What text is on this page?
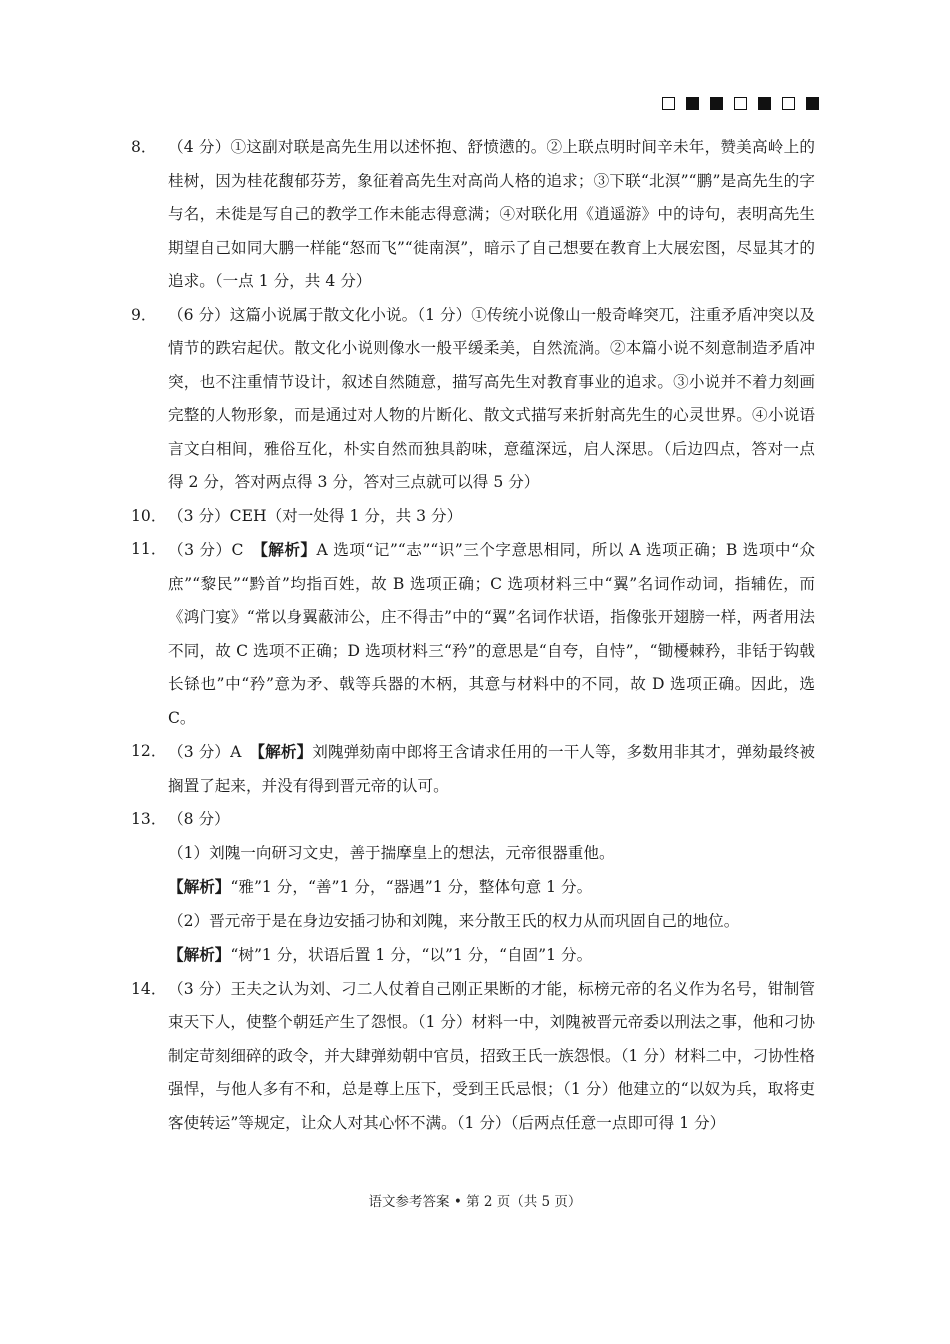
8． （4 分）①这副对联是高先生用以述怀抱、舒愤懑的。②上联点明时间辛未年，赞美高岭上的桂树，因为桂花馥郁芬芳，象征着高先生对高尚人格的追求；③下联“北溟”“鹏”是高先生的字与名，未徙是写自己的教学工作未能志得意满；④对联化用《逍遥游》中的诗句，表明高先生期望自己如同大鹏一样能“怒而飞”“徙南溟”，暗示了自己想要在教育上大展宏图，尽显其才的追求。（一点 1 分，共 4 分）
9． （6 分）这篇小说属于散文化小说。（1 分）①传统小说像山一般奇峰突兀，注重矛盾冲突以及情节的跌宕起伏。散文化小说则像水一般平缓柔美，自然流淌。②本篇小说不刻意制造矛盾冲突，也不注重情节设计，叙述自然随意，描写高先生对教育事业的追求。③小说并不着力刻画完整的人物形象，而是通过对人物的片断化、散文式描写来折射高先生的心灵世界。④小说语言文白相间，雅俗互化，朴实自然而独具韵味，意蕴深远，启人深思。（后边四点，答对一点得 2 分，答对两点得 3 分，答对三点就可以得 5 分）
10． （3 分）CEH（对一处得 1 分，共 3 分）
11． （3 分）C　【解析】A 选项“记”“志”“识”三个字意思相同，所以 A 选项正确；B 选项中“众庶”“黎民”“黔首”均指百姓，故 B 选项正确；C 选项材料三中“翼”名词作动词，指辅佐，而《鸿门宴》“常以身翼蔽沛公，庄不得击”中的“翼”名词作状语，指像张开翅膀一样，两者用法不同，故 C 选项不正确；D 选项材料三“矜”的意思是“自夸，自恃”，“锄櫌棘矜，非铦于钩戟长铩也”中“矜”意为矛、戟等兵器的木柄，其意与材料中的不同，故 D 选项正确。因此，选 C。
12． （3 分）A　【解析】刘隗弹劾南中郎将王含请求任用的一干人等，多数用非其才，弹劾最终被搁置了起来，并没有得到晋元帝的认可。
13． （8 分）
（1）刘隗一向研习文史，善于揣摩皇上的想法，元帝很器重他。
【解析】“雅”1 分，“善”1 分，“器遇”1 分，整体句意 1 分。
（2）晋元帝于是在身边安插刁协和刘隗，来分散王氏的权力从而巩固自己的地位。
【解析】“树”1 分，状语后置 1 分，“以”1 分，“自固”1 分。
14． （3 分）王夫之认为刘、刁二人仗着自己刚正果断的才能，标榜元帝的名义作为名号，钳制管束天下人，使整个朝廷产生了怨恨。（1 分）材料一中，刘隗被晋元帝委以刑法之事，他和刁协制定苛刻细碎的政令，并大肆弹劾朝中官员，招致王氏一族怨恨。（1 分）材料二中，刁协性格强悍，与他人多有不和，总是尊上压下，受到王氏忌恨；（1 分）他建立的“以奴为兵，取将吏客使转运”等规定，让众人对其心怀不满。（1 分）（后两点任意一点即可得 1 分）
语文参考答案 • 第 2 页（共 5 页）
